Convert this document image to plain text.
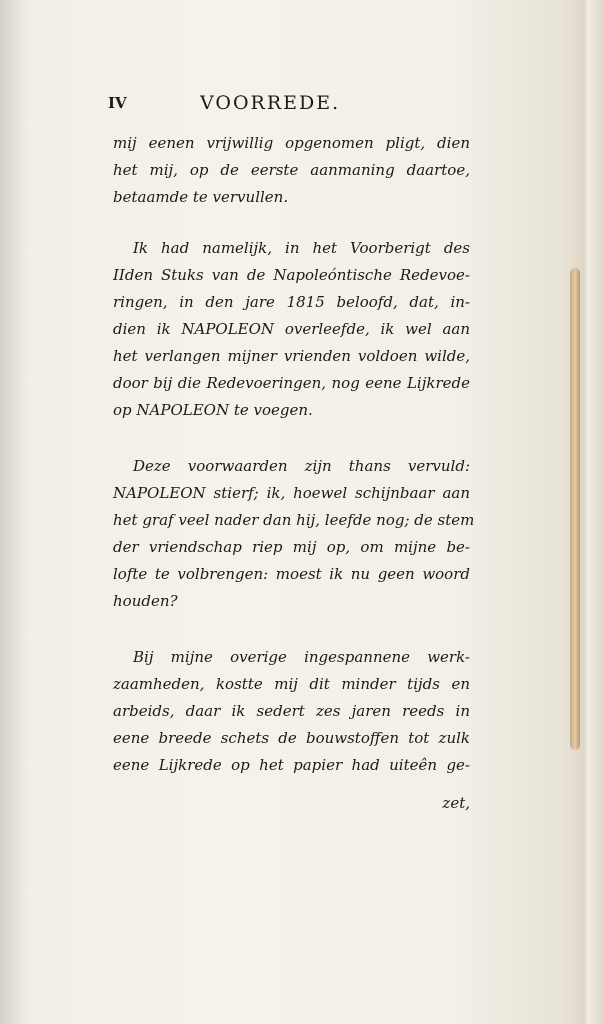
IV	VOORREDE.
mij eenen vrijwillig opgenomen pligt, dien
het mij, op de eerste aanmaning daartoe,
betaamde te vervullen.
Ik had namelijk, in het Voorberigt des
IIden Stuks van de Napoleóntische Redevoe-
ringen, in den jare 1815 beloofd, dat, in-
dien ik NAPOLEON overleefde, ik wel aan
het verlangen mijner vrienden voldoen wilde,
door bij die Redevoeringen, nog eene Lijkrede
op NAPOLEON te voegen.
Deze voorwaarden zijn thans vervuld:
NAPOLEON stierf; ik, hoewel schijnbaar aan
het graf veel nader dan hij, leefde nog; de stem
der vriendschap riep mij op, om mijne be-
lofte te volbrengen: moest ik nu geen woord
houden?
Bij mijne overige ingespannene werk-
zaamheden, kostte mij dit minder tijds en
arbeids, daar ik sedert zes jaren reeds in
eene breede schets de bouwstoffen tot zulk
eene Lijkrede op het papier had uiteên ge-
zet,
